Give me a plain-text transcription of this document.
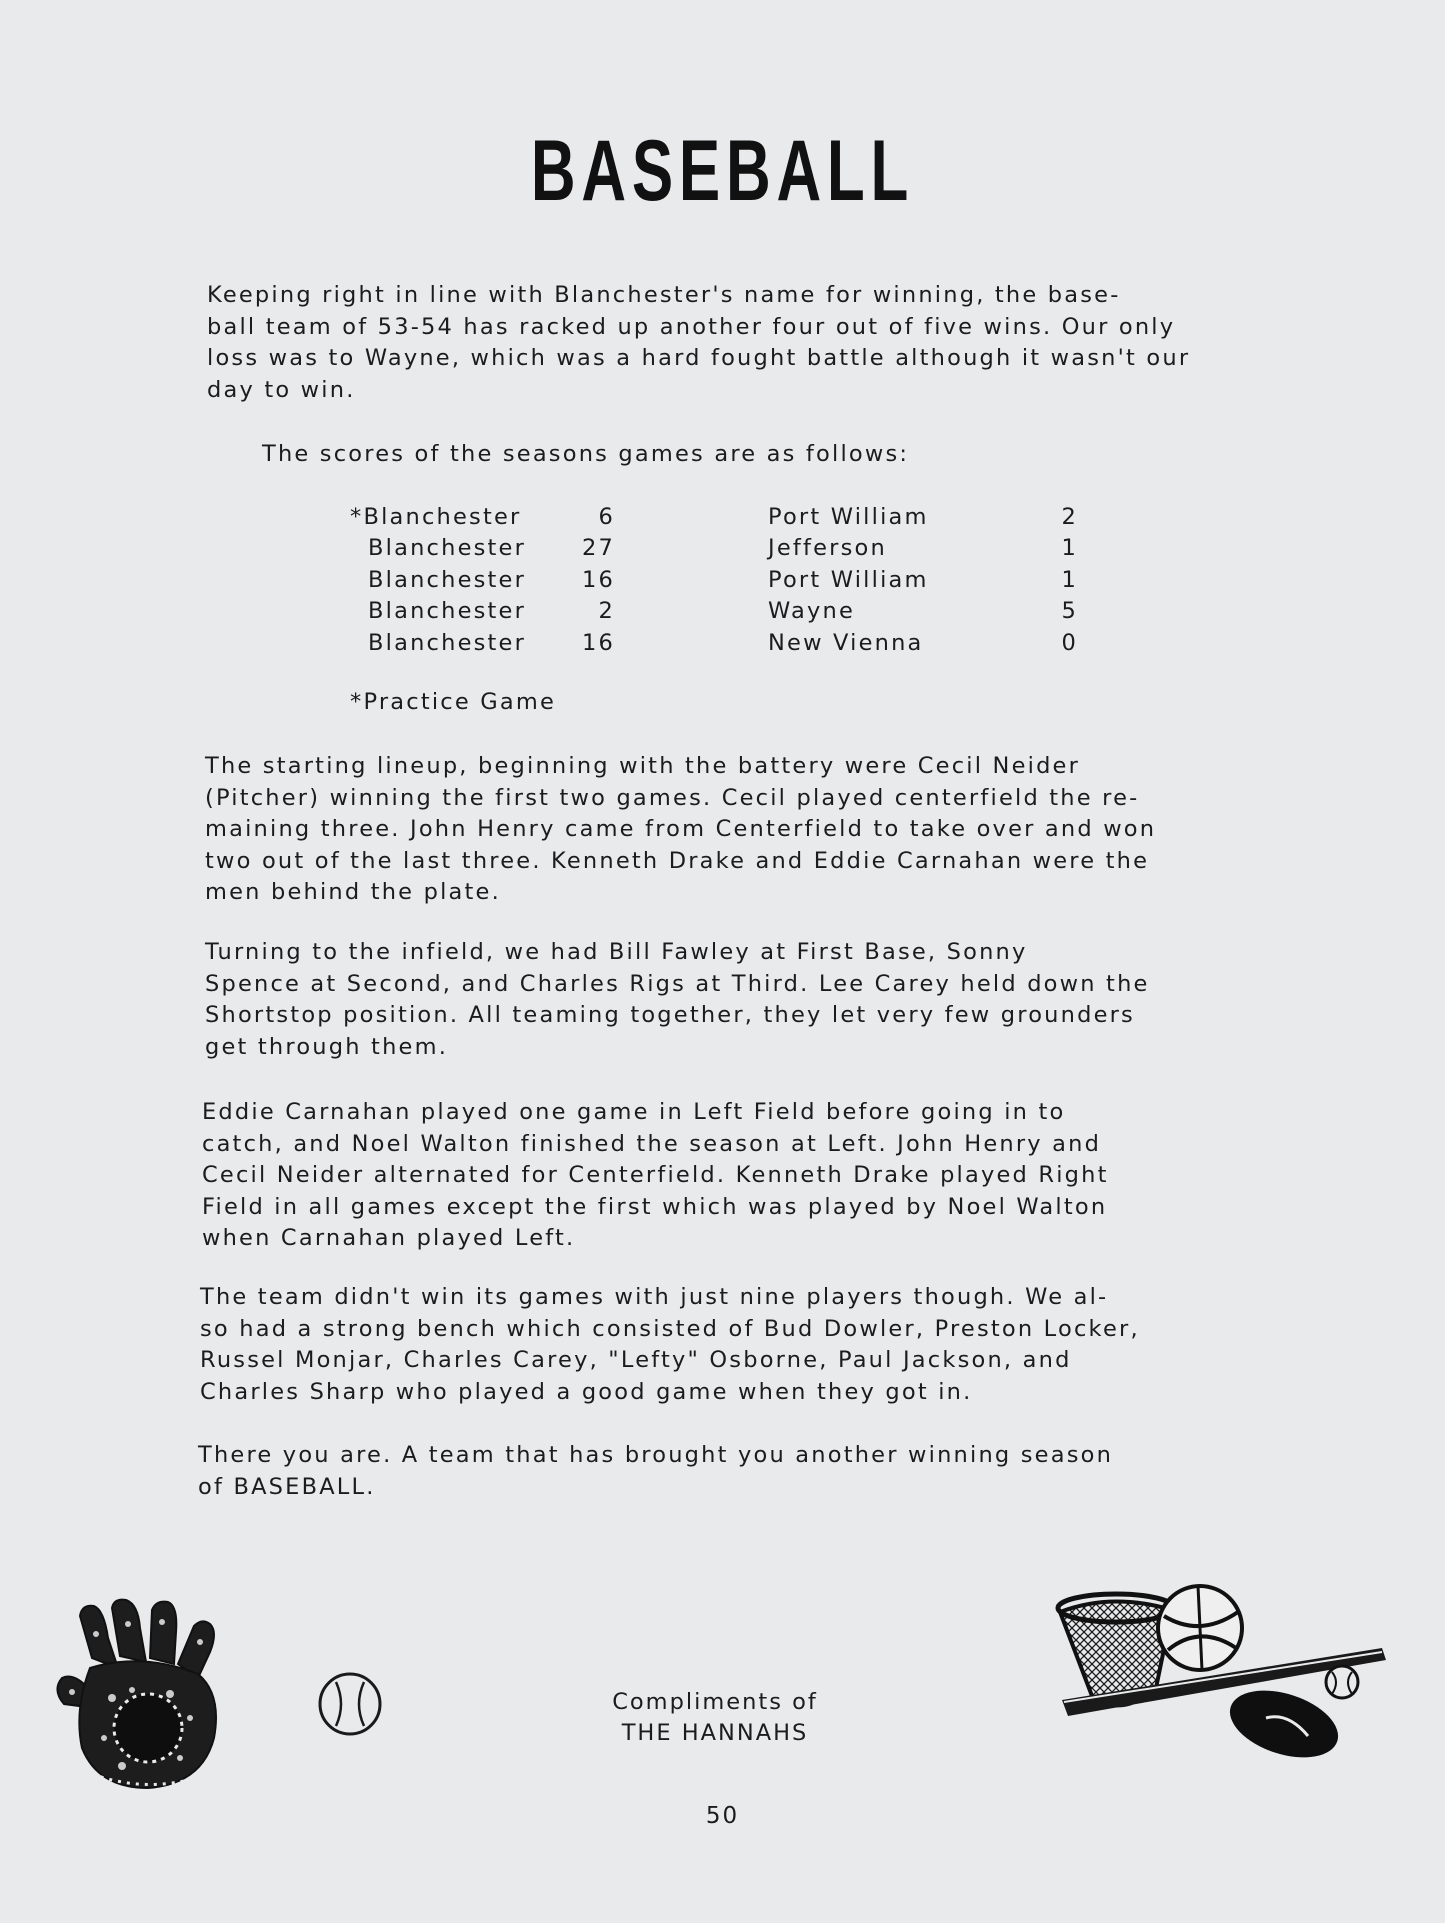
BASEBALL

Keeping right in line with Blanchester's name for winning, the base-
ball team of 53-54 has racked up another four out of five wins. Our only
loss was to Wayne, which was a hard fought battle although it wasn't our
day to win.

The scores of the seasons games are as follows:

*Blanchester	6	Port William	2
Blanchester	27	Jefferson	1
Blanchester	16	Port William	1
Blanchester	2	Wayne	5
Blanchester	16	New Vienna	0
*Practice Game

The starting lineup, beginning with the battery were Cecil Neider
(Pitcher) winning the first two games. Cecil played centerfield the re-
maining three. John Henry came from Centerfield to take over and won
two out of the last three. Kenneth Drake and Eddie Carnahan were the
men behind the plate.

Turning to the infield, we had Bill Fawley at First Base, Sonny
Spence at Second, and Charles Rigs at Third. Lee Carey held down the
Shortstop position. All teaming together, they let very few grounders
get through them.

Eddie Carnahan played one game in Left Field before going in to
catch, and Noel Walton finished the season at Left. John Henry and
Cecil Neider alternated for Centerfield. Kenneth Drake played Right
Field in all games except the first which was played by Noel Walton
when Carnahan played Left.

The team didn't win its games with just nine players though. We al-
so had a strong bench which consisted of Bud Dowler, Preston Locker,
Russel Monjar, Charles Carey, "Lefty" Osborne, Paul Jackson, and
Charles Sharp who played a good game when they got in.

There you are. A team that has brought you another winning season
of BASEBALL.

Compliments of
THE HANNAHS
50
